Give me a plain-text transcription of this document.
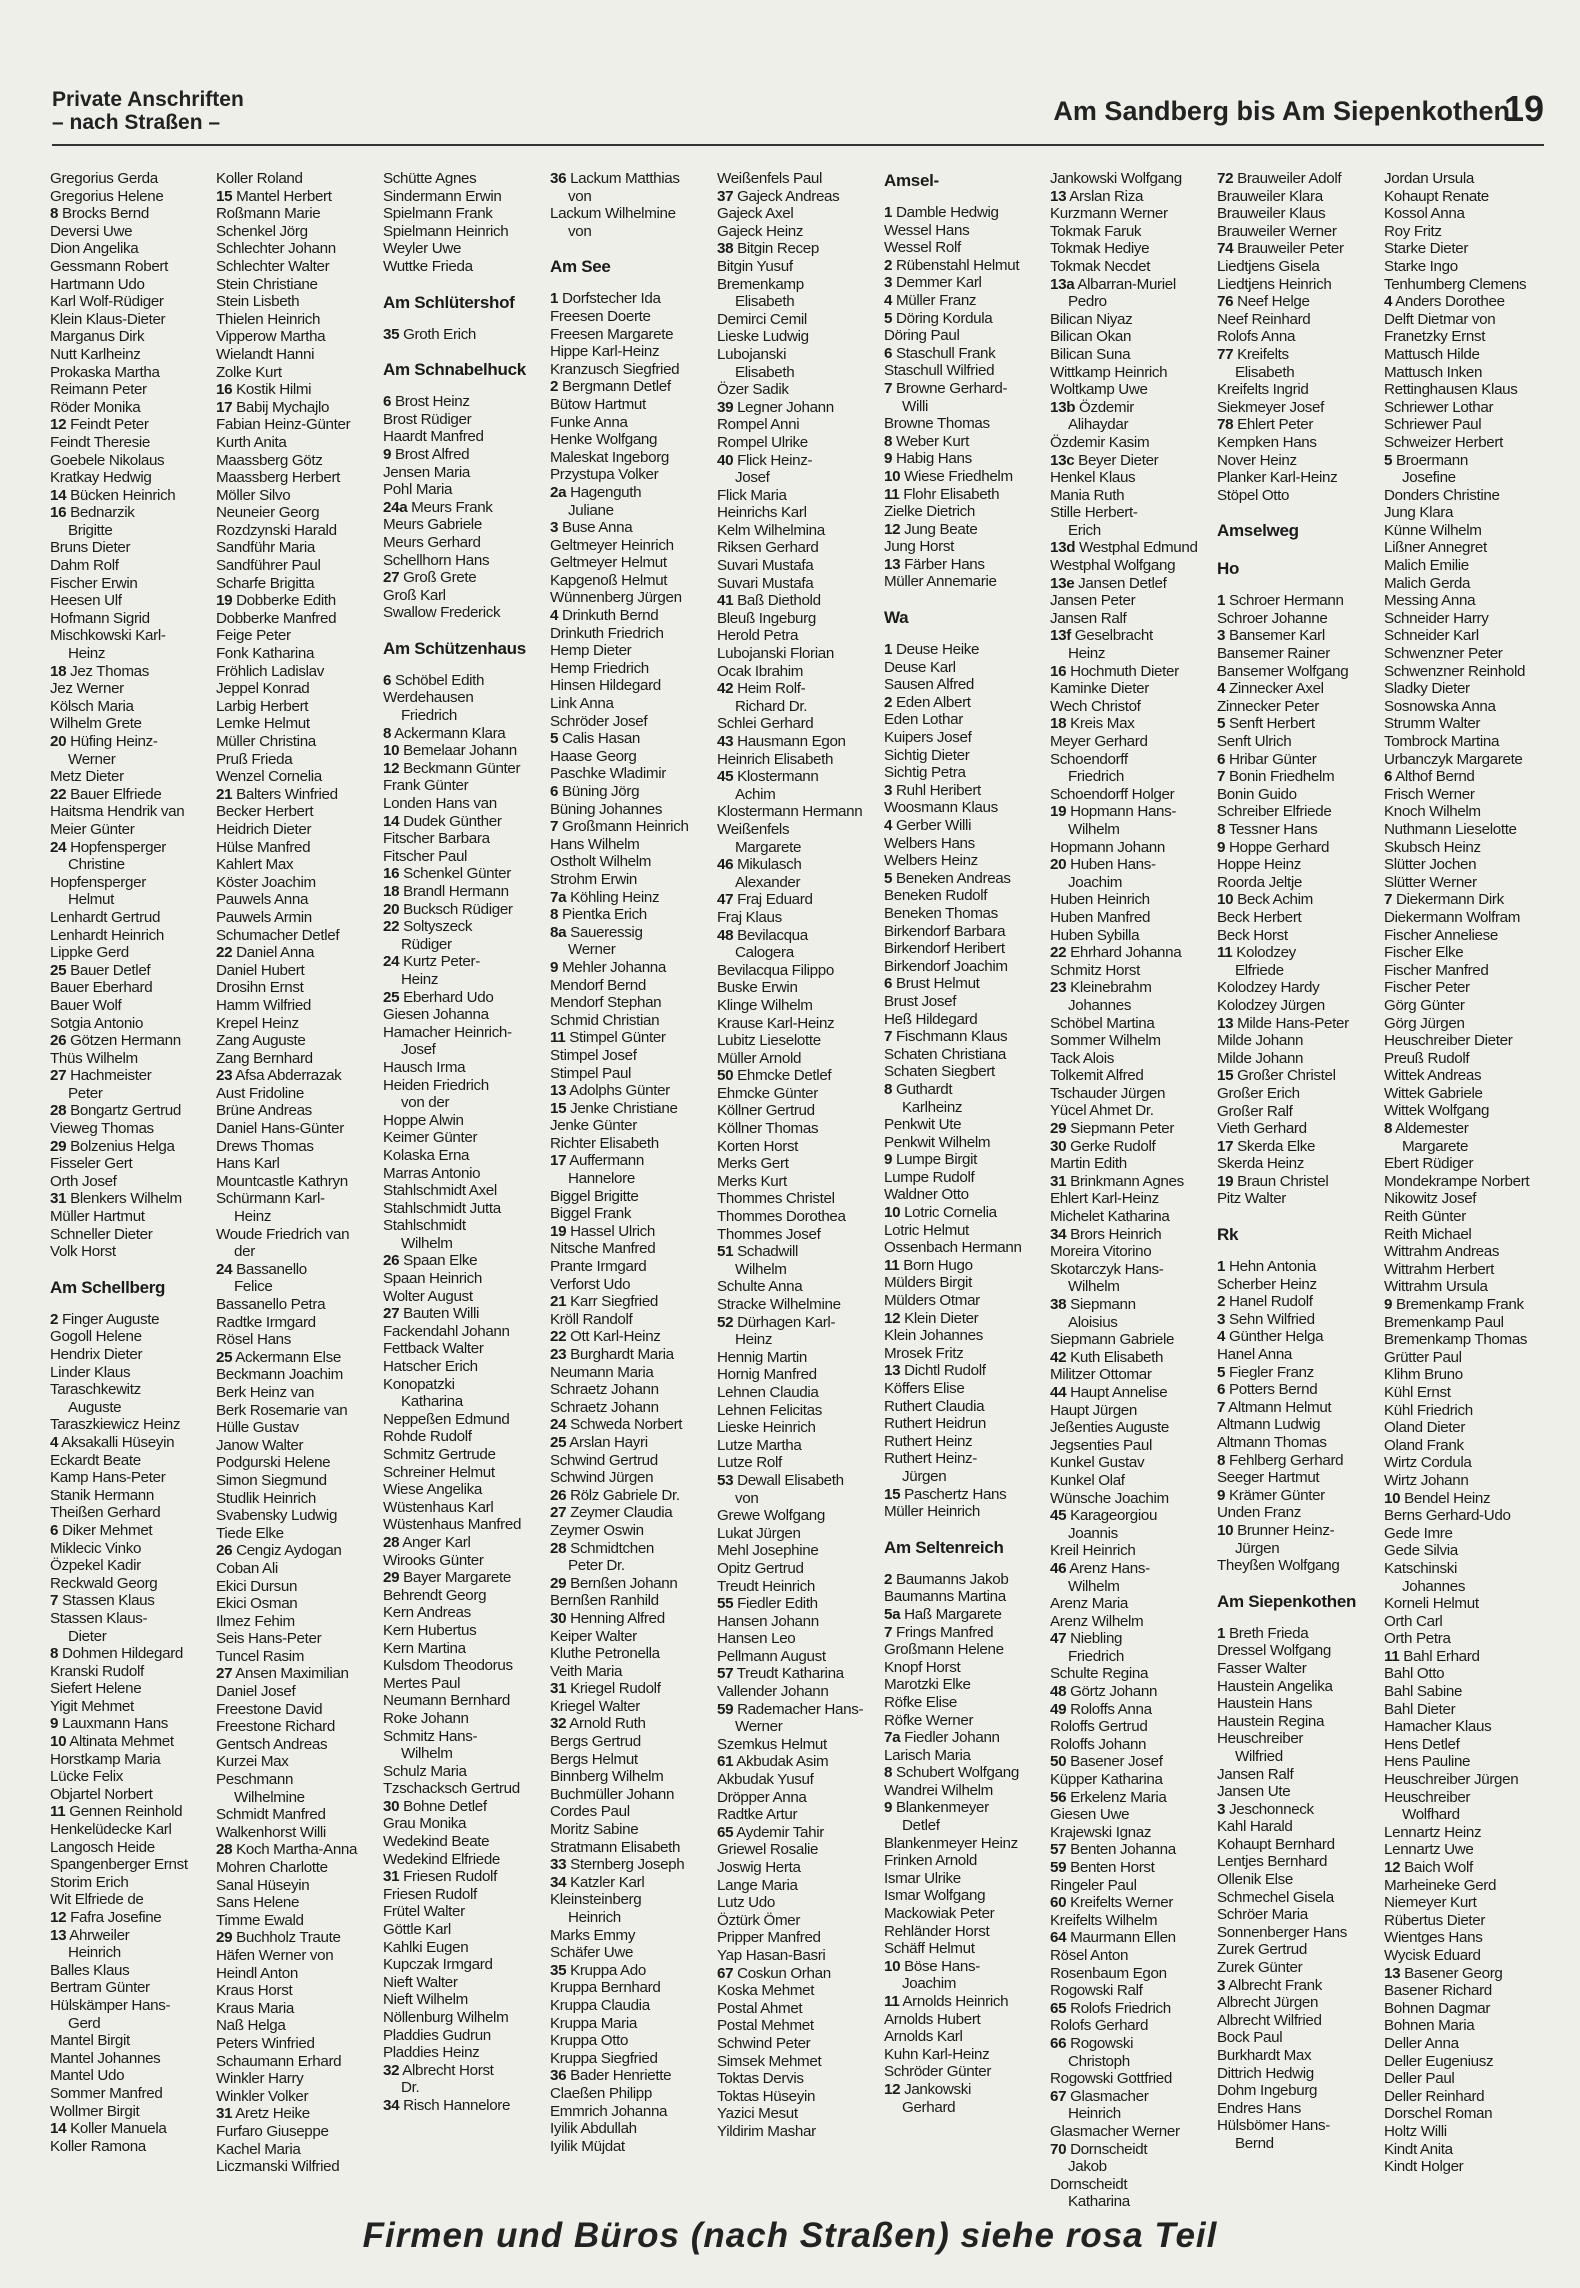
Private Anschriften
– nach Straßen –	Am Sandberg bis Am Siepenkothen
19
Gregorius Gerda
Gregorius Helene
8 Brocks Bernd
Deversi Uwe
Dion Angelika
Gessmann Robert
Hartmann Udo
Karl Wolf-Rüdiger
Klein Klaus-Dieter
Marganus Dirk
Nutt Karlheinz
Prokaska Martha
Reimann Peter
Röder Monika
12 Feindt Peter
Feindt Theresie
Goebele Nikolaus
Kratkay Hedwig
14 Bücken Heinrich
16 Bednarzik
Brigitte
Bruns Dieter
Dahm Rolf
Fischer Erwin
Heesen Ulf
Hofmann Sigrid
Mischkowski Karl-
Heinz
18 Jez Thomas
Jez Werner
Kölsch Maria
Wilhelm Grete
20 Hüfing Heinz-
Werner
Metz Dieter
22 Bauer Elfriede
Haitsma Hendrik van
Meier Günter
24 Hopfensperger
Christine
Hopfensperger
Helmut
Lenhardt Gertrud
Lenhardt Heinrich
Lippke Gerd
25 Bauer Detlef
Bauer Eberhard
Bauer Wolf
Sotgia Antonio
26 Götzen Hermann
Thüs Wilhelm
27 Hachmeister
Peter
28 Bongartz Gertrud
Vieweg Thomas
29 Bolzenius Helga
Fisseler Gert
Orth Josef
31 Blenkers Wilhelm
Müller Hartmut
Schneller Dieter
Volk Horst
Am Schellberg
2 Finger Auguste
Gogoll Helene
Hendrix Dieter
Linder Klaus
Taraschkewitz
Auguste
Taraszkiewicz Heinz
4 Aksakalli Hüseyin
Eckardt Beate
Kamp Hans-Peter
Stanik Hermann
Theißen Gerhard
6 Diker Mehmet
Miklecic Vinko
Özpekel Kadir
Reckwald Georg
7 Stassen Klaus
Stassen Klaus-
Dieter
8 Dohmen Hildegard
Kranski Rudolf
Siefert Helene
Yigit Mehmet
9 Lauxmann Hans
10 Altinata Mehmet
Horstkamp Maria
Lücke Felix
Objartel Norbert
11 Gennen Reinhold
Henkelüdecke Karl
Langosch Heide
Spangenberger Ernst
Storim Erich
Wit Elfriede de
12 Fafra Josefine
13 Ahrweiler
Heinrich
Balles Klaus
Bertram Günter
Hülskämper Hans-
Gerd
Mantel Birgit
Mantel Johannes
Mantel Udo
Sommer Manfred
Wollmer Birgit
14 Koller Manuela
Koller Ramona
Koller Roland
15 Mantel Herbert
Roßmann Marie
Schenkel Jörg
Schlechter Johann
Schlechter Walter
Stein Christiane
Stein Lisbeth
Thielen Heinrich
Vipperow Martha
Wielandt Hanni
Zolke Kurt
16 Kostik Hilmi
17 Babij Mychajlo
Fabian Heinz-Günter
Kurth Anita
Maassberg Götz
Maassberg Herbert
Möller Silvo
Neuneier Georg
Rozdzynski Harald
Sandführ Maria
Sandführer Paul
Scharfe Brigitta
19 Dobberke Edith
Dobberke Manfred
Feige Peter
Fonk Katharina
Fröhlich Ladislav
Jeppel Konrad
Larbig Herbert
Lemke Helmut
Müller Christina
Pruß Frieda
Wenzel Cornelia
21 Balters Winfried
Becker Herbert
Heidrich Dieter
Hülse Manfred
Kahlert Max
Köster Joachim
Pauwels Anna
Pauwels Armin
Schumacher Detlef
22 Daniel Anna
Daniel Hubert
Drosihn Ernst
Hamm Wilfried
Krepel Heinz
Zang Auguste
Zang Bernhard
23 Afsa Abderrazak
Aust Fridoline
Brüne Andreas
Daniel Hans-Günter
Drews Thomas
Hans Karl
Mountcastle Kathryn
Schürmann Karl-
Heinz
Woude Friedrich van
der
24 Bassanello
Felice
Bassanello Petra
Radtke Irmgard
Rösel Hans
25 Ackermann Else
Beckmann Joachim
Berk Heinz van
Berk Rosemarie van
Hülle Gustav
Janow Walter
Podgurski Helene
Simon Siegmund
Studlik Heinrich
Svabensky Ludwig
Tiede Elke
26 Cengiz Aydogan
Coban Ali
Ekici Dursun
Ekici Osman
Ilmez Fehim
Seis Hans-Peter
Tuncel Rasim
27 Ansen Maximilian
Daniel Josef
Freestone David
Freestone Richard
Gentsch Andreas
Kurzei Max
Peschmann
Wilhelmine
Schmidt Manfred
Walkenhorst Willi
28 Koch Martha-Anna
Mohren Charlotte
Sanal Hüseyin
Sans Helene
Timme Ewald
29 Buchholz Traute
Häfen Werner von
Heindl Anton
Kraus Horst
Kraus Maria
Naß Helga
Peters Winfried
Schaumann Erhard
Winkler Harry
Winkler Volker
31 Aretz Heike
Furfaro Giuseppe
Kachel Maria
Liczmanski Wilfried
Schütte Agnes
Sindermann Erwin
Spielmann Frank
Spielmann Heinrich
Weyler Uwe
Wuttke Frieda
Am Schlütershof
35 Groth Erich
Am Schnabelhuck
6 Brost Heinz
Brost Rüdiger
Haardt Manfred
9 Brost Alfred
Jensen Maria
Pohl Maria
24a Meurs Frank
Meurs Gabriele
Meurs Gerhard
Schellhorn Hans
27 Groß Grete
Groß Karl
Swallow Frederick
Am Schützenhaus
6 Schöbel Edith
Werdehausen
Friedrich
8 Ackermann Klara
10 Bemelaar Johann
12 Beckmann Günter
Frank Günter
Londen Hans van
14 Dudek Günther
Fitscher Barbara
Fitscher Paul
16 Schenkel Günter
18 Brandl Hermann
20 Bucksch Rüdiger
22 Soltyszeck
Rüdiger
24 Kurtz Peter-
Heinz
25 Eberhard Udo
Giesen Johanna
Hamacher Heinrich-
Josef
Hausch Irma
Heiden Friedrich
von der
Hoppe Alwin
Keimer Günter
Kolaska Erna
Marras Antonio
Stahlschmidt Axel
Stahlschmidt Jutta
Stahlschmidt
Wilhelm
26 Spaan Elke
Spaan Heinrich
Wolter August
27 Bauten Willi
Fackendahl Johann
Fettback Walter
Hatscher Erich
Konopatzki
Katharina
Neppeßen Edmund
Rohde Rudolf
Schmitz Gertrude
Schreiner Helmut
Wiese Angelika
Wüstenhaus Karl
Wüstenhaus Manfred
28 Anger Karl
Wirooks Günter
29 Bayer Margarete
Behrendt Georg
Kern Andreas
Kern Hubertus
Kern Martina
Kulsdom Theodorus
Mertes Paul
Neumann Bernhard
Roke Johann
Schmitz Hans-
Wilhelm
Schulz Maria
Tzschacksch Gertrud
30 Bohne Detlef
Grau Monika
Wedekind Beate
Wedekind Elfriede
31 Friesen Rudolf
Friesen Rudolf
Frütel Walter
Göttle Karl
Kahlki Eugen
Kupczak Irmgard
Nieft Walter
Nieft Wilhelm
Nöllenburg Wilhelm
Pladdies Gudrun
Pladdies Heinz
32 Albrecht Horst
Dr.
34 Risch Hannelore
36 Lackum Matthias
von
Lackum Wilhelmine
von
Am See
1 Dorfstecher Ida
Freesen Doerte
Freesen Margarete
Hippe Karl-Heinz
Kranzusch Siegfried
2 Bergmann Detlef
Bütow Hartmut
Funke Anna
Henke Wolfgang
Maleskat Ingeborg
Przystupa Volker
2a Hagenguth
Juliane
3 Buse Anna
Geltmeyer Heinrich
Geltmeyer Helmut
Kapgenoß Helmut
Wünnenberg Jürgen
4 Drinkuth Bernd
Drinkuth Friedrich
Hemp Dieter
Hemp Friedrich
Hinsen Hildegard
Link Anna
Schröder Josef
5 Calis Hasan
Haase Georg
Paschke Wladimir
6 Büning Jörg
Büning Johannes
7 Großmann Heinrich
Hans Wilhelm
Ostholt Wilhelm
Strohm Erwin
7a Köhling Heinz
8 Pientka Erich
8a Saueressig
Werner
9 Mehler Johanna
Mendorf Bernd
Mendorf Stephan
Schmid Christian
11 Stimpel Günter
Stimpel Josef
Stimpel Paul
13 Adolphs Günter
15 Jenke Christiane
Jenke Günter
Richter Elisabeth
17 Auffermann
Hannelore
Biggel Brigitte
Biggel Frank
19 Hassel Ulrich
Nitsche Manfred
Prante Irmgard
Verforst Udo
21 Karr Siegfried
Kröll Randolf
22 Ott Karl-Heinz
23 Burghardt Maria
Neumann Maria
Schraetz Johann
Schraetz Johann
24 Schweda Norbert
25 Arslan Hayri
Schwind Gertrud
Schwind Jürgen
26 Rölz Gabriele Dr.
27 Zeymer Claudia
Zeymer Oswin
28 Schmidtchen
Peter Dr.
29 Bernßen Johann
Bernßen Ranhild
30 Henning Alfred
Keiper Walter
Kluthe Petronella
Veith Maria
31 Kriegel Rudolf
Kriegel Walter
32 Arnold Ruth
Bergs Gertrud
Bergs Helmut
Binnberg Wilhelm
Buchmüller Johann
Cordes Paul
Moritz Sabine
Stratmann Elisabeth
33 Sternberg Joseph
34 Katzler Karl
Kleinsteinberg
Heinrich
Marks Emmy
Schäfer Uwe
35 Kruppa Ado
Kruppa Bernhard
Kruppa Claudia
Kruppa Maria
Kruppa Otto
Kruppa Siegfried
36 Bader Henriette
Claeßen Philipp
Emmrich Johanna
Iyilik Abdullah
Iyilik Müjdat
Weißenfels Paul
37 Gajeck Andreas
Gajeck Axel
Gajeck Heinz
38 Bitgin Recep
Bitgin Yusuf
Bremenkamp
Elisabeth
Demirci Cemil
Lieske Ludwig
Lubojanski
Elisabeth
Özer Sadik
39 Legner Johann
Rompel Anni
Rompel Ulrike
40 Flick Heinz-
Josef
Flick Maria
Heinrichs Karl
Kelm Wilhelmina
Riksen Gerhard
Suvari Mustafa
Suvari Mustafa
41 Baß Diethold
Bleuß Ingeburg
Herold Petra
Lubojanski Florian
Ocak Ibrahim
42 Heim Rolf-
Richard Dr.
Schlei Gerhard
43 Hausmann Egon
Heinrich Elisabeth
45 Klostermann
Achim
Klostermann Hermann
Weißenfels
Margarete
46 Mikulasch
Alexander
47 Fraj Eduard
Fraj Klaus
48 Bevilacqua
Calogera
Bevilacqua Filippo
Buske Erwin
Klinge Wilhelm
Krause Karl-Heinz
Lubitz Lieselotte
Müller Arnold
50 Ehmcke Detlef
Ehmcke Günter
Köllner Gertrud
Köllner Thomas
Korten Horst
Merks Gert
Merks Kurt
Thommes Christel
Thommes Dorothea
Thommes Josef
51 Schadwill
Wilhelm
Schulte Anna
Stracke Wilhelmine
52 Dürhagen Karl-
Heinz
Hennig Martin
Hornig Manfred
Lehnen Claudia
Lehnen Felicitas
Lieske Heinrich
Lutze Martha
Lutze Rolf
53 Dewall Elisabeth
von
Grewe Wolfgang
Lukat Jürgen
Mehl Josephine
Opitz Gertrud
Treudt Heinrich
55 Fiedler Edith
Hansen Johann
Hansen Leo
Pellmann August
57 Treudt Katharina
Vallender Johann
59 Rademacher Hans-
Werner
Szemkus Helmut
61 Akbudak Asim
Akbudak Yusuf
Dröpper Anna
Radtke Artur
65 Aydemir Tahir
Griewel Rosalie
Joswig Herta
Lange Maria
Lutz Udo
Öztürk Ömer
Pripper Manfred
Yap Hasan-Basri
67 Coskun Orhan
Koska Mehmet
Postal Ahmet
Postal Mehmet
Schwind Peter
Simsek Mehmet
Toktas Dervis
Toktas Hüseyin
Yazici Mesut
Yildirim Mashar
Amsel-
1 Damble Hedwig
Wessel Hans
Wessel Rolf
2 Rübenstahl Helmut
3 Demmer Karl
4 Müller Franz
5 Döring Kordula
Döring Paul
6 Staschull Frank
Staschull Wilfried
7 Browne Gerhard-
Willi
Browne Thomas
8 Weber Kurt
9 Habig Hans
10 Wiese Friedhelm
11 Flohr Elisabeth
Zielke Dietrich
12 Jung Beate
Jung Horst
13 Färber Hans
Müller Annemarie
Wa
1 Deuse Heike
Deuse Karl
Sausen Alfred
2 Eden Albert
Eden Lothar
Kuipers Josef
Sichtig Dieter
Sichtig Petra
3 Ruhl Heribert
Woosmann Klaus
4 Gerber Willi
Welbers Hans
Welbers Heinz
5 Beneken Andreas
Beneken Rudolf
Beneken Thomas
Birkendorf Barbara
Birkendorf Heribert
Birkendorf Joachim
6 Brust Helmut
Brust Josef
Heß Hildegard
7 Fischmann Klaus
Schaten Christiana
Schaten Siegbert
8 Guthardt
Karlheinz
Penkwit Ute
Penkwit Wilhelm
9 Lumpe Birgit
Lumpe Rudolf
Waldner Otto
10 Lotric Cornelia
Lotric Helmut
Ossenbach Hermann
11 Born Hugo
Mülders Birgit
Mülders Otmar
12 Klein Dieter
Klein Johannes
Mrosek Fritz
13 Dichtl Rudolf
Köffers Elise
Ruthert Claudia
Ruthert Heidrun
Ruthert Heinz
Ruthert Heinz-
Jürgen
15 Paschertz Hans
Müller Heinrich
Am Seltenreich
2 Baumanns Jakob
Baumanns Martina
5a Haß Margarete
7 Frings Manfred
Großmann Helene
Knopf Horst
Marotzki Elke
Röfke Elise
Röfke Werner
7a Fiedler Johann
Larisch Maria
8 Schubert Wolfgang
Wandrei Wilhelm
9 Blankenmeyer
Detlef
Blankenmeyer Heinz
Frinken Arnold
Ismar Ulrike
Ismar Wolfgang
Mackowiak Peter
Rehländer Horst
Schäff Helmut
10 Böse Hans-
Joachim
11 Arnolds Heinrich
Arnolds Hubert
Arnolds Karl
Kuhn Karl-Heinz
Schröder Günter
12 Jankowski
Gerhard
Jankowski Wolfgang
13 Arslan Riza
Kurzmann Werner
Tokmak Faruk
Tokmak Hediye
Tokmak Necdet
13a Albarran-Muriel
Pedro
Bilican Niyaz
Bilican Okan
Bilican Suna
Wittkamp Heinrich
Woltkamp Uwe
13b Özdemir
Alihaydar
Özdemir Kasim
13c Beyer Dieter
Henkel Klaus
Mania Ruth
Stille Herbert-
Erich
13d Westphal Edmund
Westphal Wolfgang
13e Jansen Detlef
Jansen Peter
Jansen Ralf
13f Geselbracht
Heinz
16 Hochmuth Dieter
Kaminke Dieter
Wech Christof
18 Kreis Max
Meyer Gerhard
Schoendorff
Friedrich
Schoendorff Holger
19 Hopmann Hans-
Wilhelm
Hopmann Johann
20 Huben Hans-
Joachim
Huben Heinrich
Huben Manfred
Huben Sybilla
22 Ehrhard Johanna
Schmitz Horst
23 Kleinebrahm
Johannes
Schöbel Martina
Sommer Wilhelm
Tack Alois
Tolkemit Alfred
Tschauder Jürgen
Yücel Ahmet Dr.
29 Siepmann Peter
30 Gerke Rudolf
Martin Edith
31 Brinkmann Agnes
Ehlert Karl-Heinz
Michelet Katharina
34 Brors Heinrich
Moreira Vitorino
Skotarczyk Hans-
Wilhelm
38 Siepmann
Aloisius
Siepmann Gabriele
42 Kuth Elisabeth
Militzer Ottomar
44 Haupt Annelise
Haupt Jürgen
Jeßenties Auguste
Jegsenties Paul
Kunkel Gustav
Kunkel Olaf
Wünsche Joachim
45 Karageorgiou
Joannis
Kreil Heinrich
46 Arenz Hans-
Wilhelm
Arenz Maria
Arenz Wilhelm
47 Niebling
Friedrich
Schulte Regina
48 Görtz Johann
49 Roloffs Anna
Roloffs Gertrud
Roloffs Johann
50 Basener Josef
Küpper Katharina
56 Erkelenz Maria
Giesen Uwe
Krajewski Ignaz
57 Benten Johanna
59 Benten Horst
Ringeler Paul
60 Kreifelts Werner
Kreifelts Wilhelm
64 Maurmann Ellen
Rösel Anton
Rosenbaum Egon
Rogowski Ralf
65 Rolofs Friedrich
Rolofs Gerhard
66 Rogowski
Christoph
Rogowski Gottfried
67 Glasmacher
Heinrich
Glasmacher Werner
70 Dornscheidt
Jakob
Dornscheidt
Katharina
72 Brauweiler Adolf
Brauweiler Klara
Brauweiler Klaus
Brauweiler Werner
74 Brauweiler Peter
Liedtjens Gisela
Liedtjens Heinrich
76 Neef Helge
Neef Reinhard
Rolofs Anna
77 Kreifelts
Elisabeth
Kreifelts Ingrid
Siekmeyer Josef
78 Ehlert Peter
Kempken Hans
Nover Heinz
Planker Karl-Heinz
Stöpel Otto
Amselweg
Ho
1 Schroer Hermann
Schroer Johanne
3 Bansemer Karl
Bansemer Rainer
Bansemer Wolfgang
4 Zinnecker Axel
Zinnecker Peter
5 Senft Herbert
Senft Ulrich
6 Hribar Günter
7 Bonin Friedhelm
Bonin Guido
Schreiber Elfriede
8 Tessner Hans
9 Hoppe Gerhard
Hoppe Heinz
Roorda Jeltje
10 Beck Achim
Beck Herbert
Beck Horst
11 Kolodzey
Elfriede
Kolodzey Hardy
Kolodzey Jürgen
13 Milde Hans-Peter
Milde Johann
Milde Johann
15 Großer Christel
Großer Erich
Großer Ralf
Vieth Gerhard
17 Skerda Elke
Skerda Heinz
19 Braun Christel
Pitz Walter
Rk
1 Hehn Antonia
Scherber Heinz
2 Hanel Rudolf
3 Sehn Wilfried
4 Günther Helga
Hanel Anna
5 Fiegler Franz
6 Potters Bernd
7 Altmann Helmut
Altmann Ludwig
Altmann Thomas
8 Fehlberg Gerhard
Seeger Hartmut
9 Krämer Günter
Unden Franz
10 Brunner Heinz-
Jürgen
Theyßen Wolfgang
Am Siepenkothen
1 Breth Frieda
Dressel Wolfgang
Fasser Walter
Haustein Angelika
Haustein Hans
Haustein Regina
Heuschreiber
Wilfried
Jansen Ralf
Jansen Ute
3 Jeschonneck
Kahl Harald
Kohaupt Bernhard
Lentjes Bernhard
Ollenik Else
Schmechel Gisela
Schröer Maria
Sonnenberger Hans
Zurek Gertrud
Zurek Günter
3 Albrecht Frank
Albrecht Jürgen
Albrecht Wilfried
Bock Paul
Burkhardt Max
Dittrich Hedwig
Dohm Ingeburg
Endres Hans
Hülsbömer Hans-
Bernd
Jordan Ursula
Kohaupt Renate
Kossol Anna
Roy Fritz
Starke Dieter
Starke Ingo
Tenhumberg Clemens
4 Anders Dorothee
Delft Dietmar von
Franetzky Ernst
Mattusch Hilde
Mattusch Inken
Rettinghausen Klaus
Schriewer Lothar
Schriewer Paul
Schweizer Herbert
5 Broermann
Josefine
Donders Christine
Jung Klara
Künne Wilhelm
Lißner Annegret
Malich Emilie
Malich Gerda
Messing Anna
Schneider Harry
Schneider Karl
Schwenzner Peter
Schwenzner Reinhold
Sladky Dieter
Sosnowska Anna
Strumm Walter
Tombrock Martina
Urbanczyk Margarete
6 Althof Bernd
Frisch Werner
Knoch Wilhelm
Nuthmann Lieselotte
Skubsch Heinz
Slütter Jochen
Slütter Werner
7 Diekermann Dirk
Diekermann Wolfram
Fischer Anneliese
Fischer Elke
Fischer Manfred
Fischer Peter
Görg Günter
Görg Jürgen
Heuschreiber Dieter
Preuß Rudolf
Wittek Andreas
Wittek Gabriele
Wittek Wolfgang
8 Aldemester
Margarete
Ebert Rüdiger
Mondekrampe Norbert
Nikowitz Josef
Reith Günter
Reith Michael
Wittrahm Andreas
Wittrahm Herbert
Wittrahm Ursula
9 Bremenkamp Frank
Bremenkamp Paul
Bremenkamp Thomas
Grütter Paul
Klihm Bruno
Kühl Ernst
Kühl Friedrich
Oland Dieter
Oland Frank
Wirtz Cordula
Wirtz Johann
10 Bendel Heinz
Berns Gerhard-Udo
Gede Imre
Gede Silvia
Katschinski
Johannes
Korneli Helmut
Orth Carl
Orth Petra
11 Bahl Erhard
Bahl Otto
Bahl Sabine
Bahl Dieter
Hamacher Klaus
Hens Detlef
Hens Pauline
Heuschreiber Jürgen
Heuschreiber
Wolfhard
Lennartz Heinz
Lennartz Uwe
12 Baich Wolf
Marheineke Gerd
Niemeyer Kurt
Rübertus Dieter
Wientges Hans
Wycisk Eduard
13 Basener Georg
Basener Richard
Bohnen Dagmar
Bohnen Maria
Deller Anna
Deller Eugeniusz
Deller Paul
Deller Reinhard
Dorschel Roman
Holtz Willi
Kindt Anita
Kindt Holger
Firmen und Büros (nach Straßen) siehe rosa Teil
